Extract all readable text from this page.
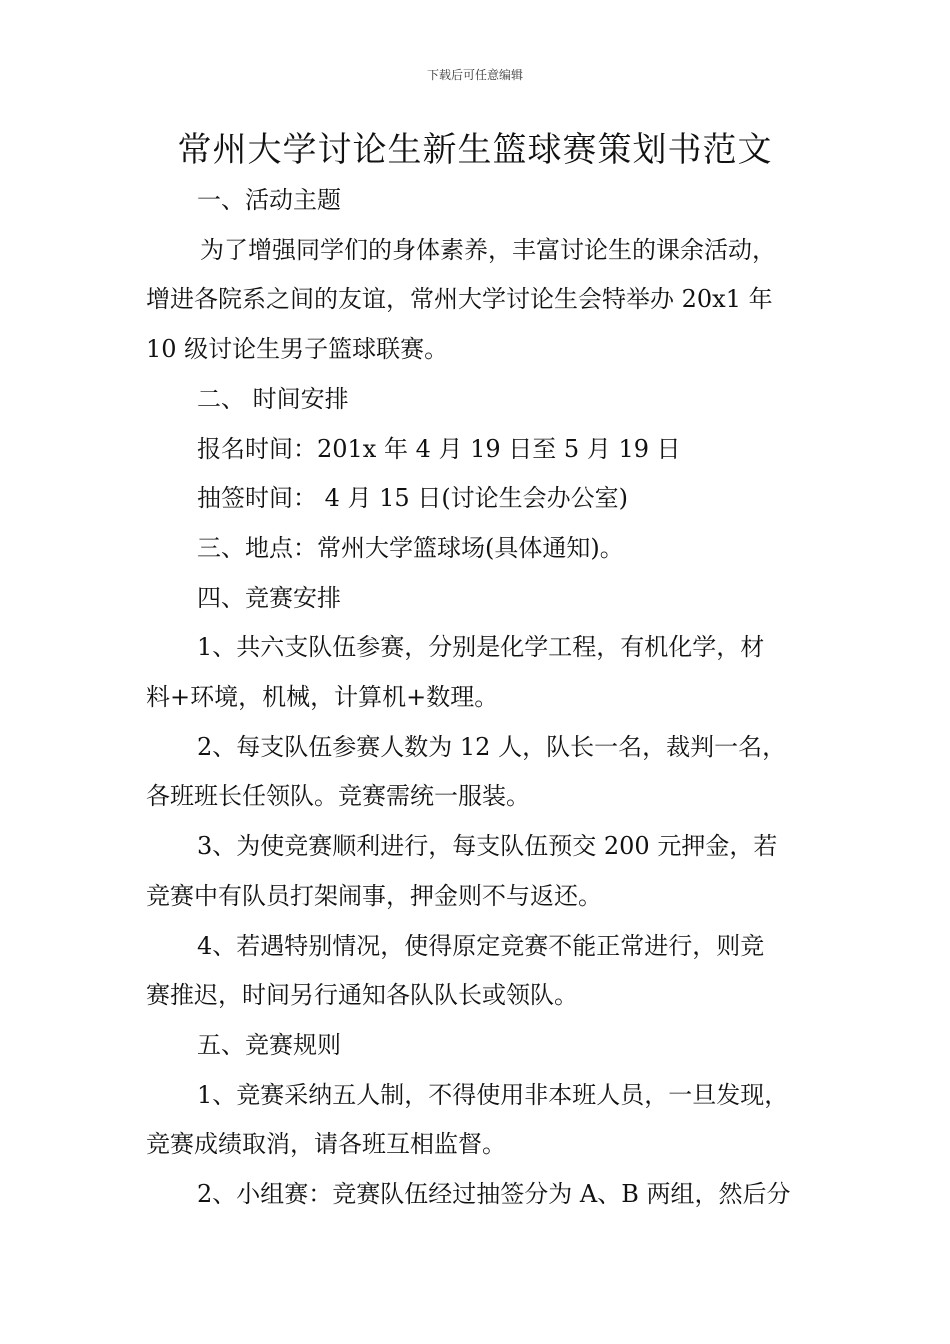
下载后可任意编辑
常州大学讨论生新生篮球赛策划书范文
一、活动主题
为了增强同学们的身体素养，丰富讨论生的课余活动，
增进各院系之间的友谊，常州大学讨论生会特举办 20x1 年
10 级讨论生男子篮球联赛。
二、 时间安排
报名时间：201x 年 4 月 19 日至 5 月 19 日
抽签时间： 4 月 15 日(讨论生会办公室)
三、地点：常州大学篮球场(具体通知)。
四、竞赛安排
1、共六支队伍参赛，分别是化学工程，有机化学，材
料+环境，机械，计算机+数理。
2、每支队伍参赛人数为 12 人，队长一名，裁判一名，
各班班长任领队。竞赛需统一服装。
3、为使竞赛顺利进行，每支队伍预交 200 元押金，若
竞赛中有队员打架闹事，押金则不与返还。
4、若遇特别情况，使得原定竞赛不能正常进行，则竞
赛推迟，时间另行通知各队队长或领队。
五、竞赛规则
1、竞赛采纳五人制，不得使用非本班人员，一旦发现，
竞赛成绩取消，请各班互相监督。
2、小组赛：竞赛队伍经过抽签分为 A、B 两组，然后分
